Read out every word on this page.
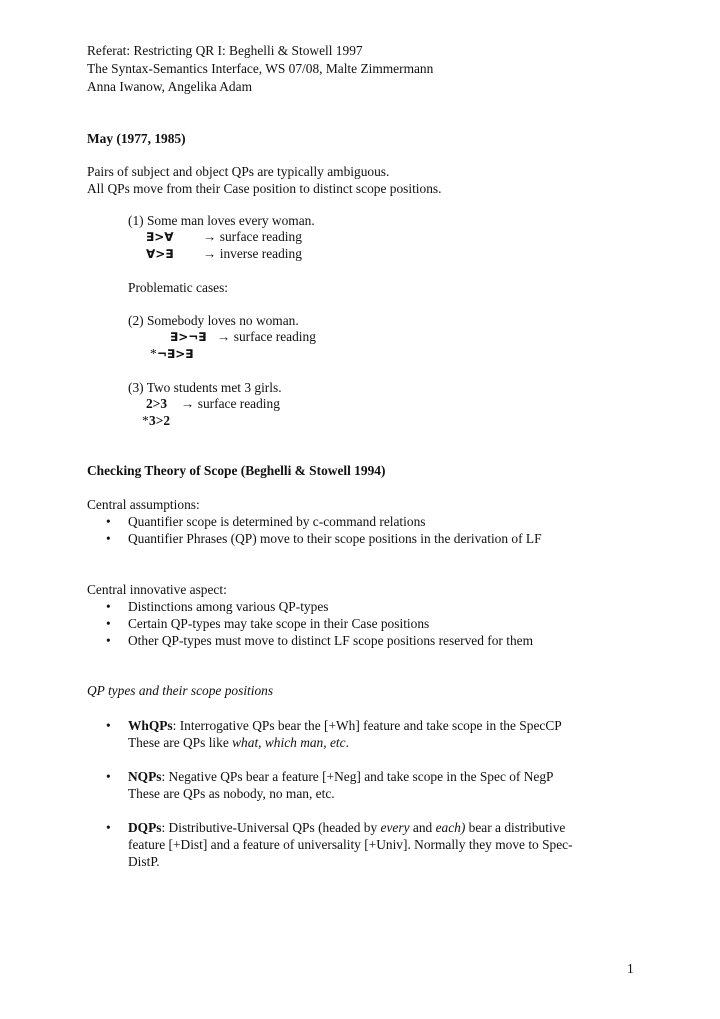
Referat: Restricting QR I: Beghelli & Stowell 1997
The Syntax-Semantics Interface, WS 07/08, Malte Zimmermann
Anna Iwanow, Angelika Adam
May (1977, 1985)
Pairs of subject and object QPs are typically ambiguous.
All QPs move from their Case position to distinct scope positions.
(1) Some man loves every woman.
∃>∀ → surface reading
∀>∃ → inverse reading
Problematic cases:
(2) Somebody loves no woman.
∃>¬∃ → surface reading
* ¬∃>∃
(3) Two students met 3 girls.
2>3 → surface reading
* 3>2
Checking Theory of Scope (Beghelli & Stowell 1994)
Central assumptions:
• Quantifier scope is determined by c-command relations
• Quantifier Phrases (QP) move to their scope positions in the derivation of LF
Central innovative aspect:
• Distinctions among various QP-types
• Certain QP-types may take scope in their Case positions
• Other QP-types must move to distinct LF scope positions reserved for them
QP types and their scope positions
• WhQPs: Interrogative QPs bear the [+Wh] feature and take scope in the SpecCP
These are QPs like what, which man, etc.
• NQPs: Negative QPs bear a feature [+Neg] and take scope in the Spec of NegP
These are QPs as nobody, no man, etc.
• DQPs: Distributive-Universal QPs (headed by every and each) bear a distributive
feature [+Dist] and a feature of universality [+Univ]. Normally they move to Spec-
DistP.
1
